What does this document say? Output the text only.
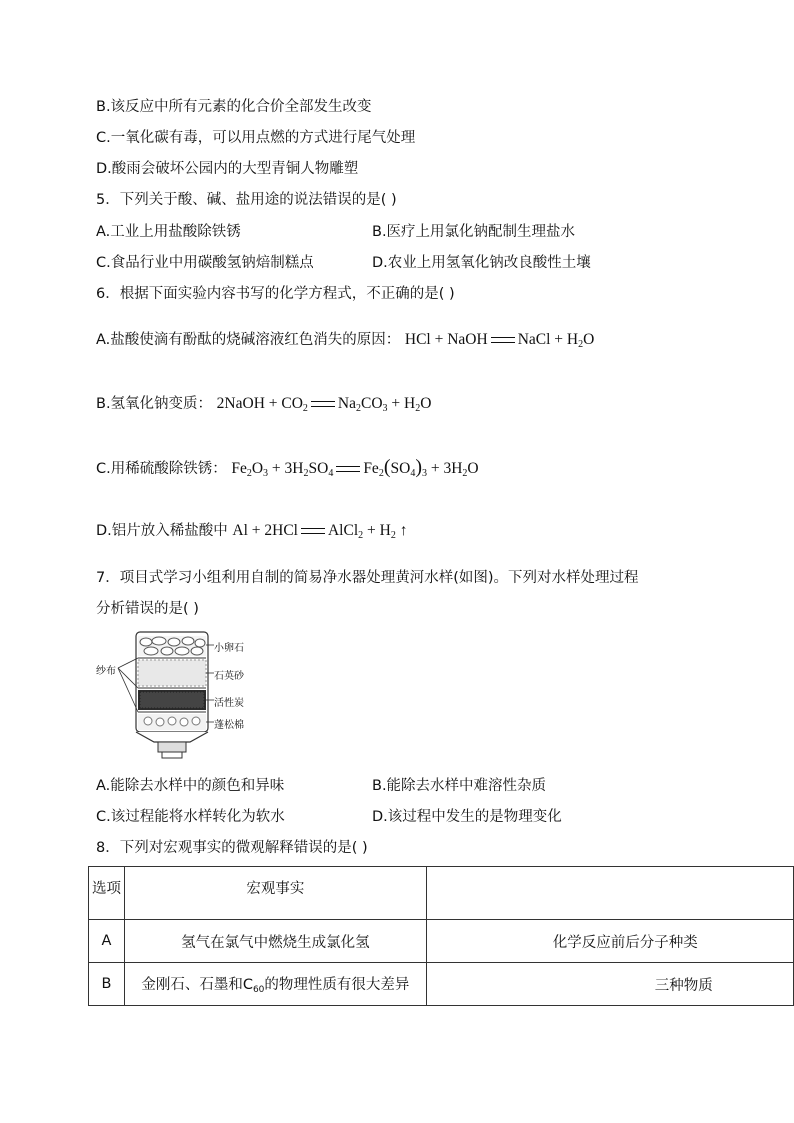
B.该反应中所有元素的化合价全部发生改变
C.一氧化碳有毒，可以用点燃的方式进行尾气处理
D.酸雨会破坏公园内的大型青铜人物雕塑
5．下列关于酸、碱、盐用途的说法错误的是( )
A.工业上用盐酸除铁锈	B.医疗上用氯化钠配制生理盐水
C.食品行业中用碳酸氢钠焙制糕点	D.农业上用氢氧化钠改良酸性土壤
6．根据下面实验内容书写的化学方程式，不正确的是( )
A.盐酸使滴有酚酞的烧碱溶液红色消失的原因： HCl + NaOH NaCl + $H_2O$
B.氢氧化钠变质： 2NaOH + $CO_2$ $Na_2CO_3 + H_2O$
C.用稀硫酸除铁锈： $Fe_2O_3 + 3H_2SO_4$ $Fe_2(SO_4)_3 + 3H_2O$
D.铝片放入稀盐酸中 Al + 2HCl AlCl$_2$ + $H_2$ ↑
7．项目式学习小组利用自制的简易净水器处理黄河水样(如图)。下列对水样处理过程
分析错误的是( )
纱布
小卵石
石英砂
活性炭
蓬松棉
A.能除去水样中的颜色和异味	B.能除去水样中难溶性杂质
C.该过程能将水样转化为软水	D.该过程中发生的是物理变化
8．下列对宏观事实的微观解释错误的是( )
选项	宏观事实	
A	氢气在氯气中燃烧生成氯化氢	化学反应前后分子种类
B	金刚石、石墨和$C_{60}$的物理性质有很大差异	三种物质
